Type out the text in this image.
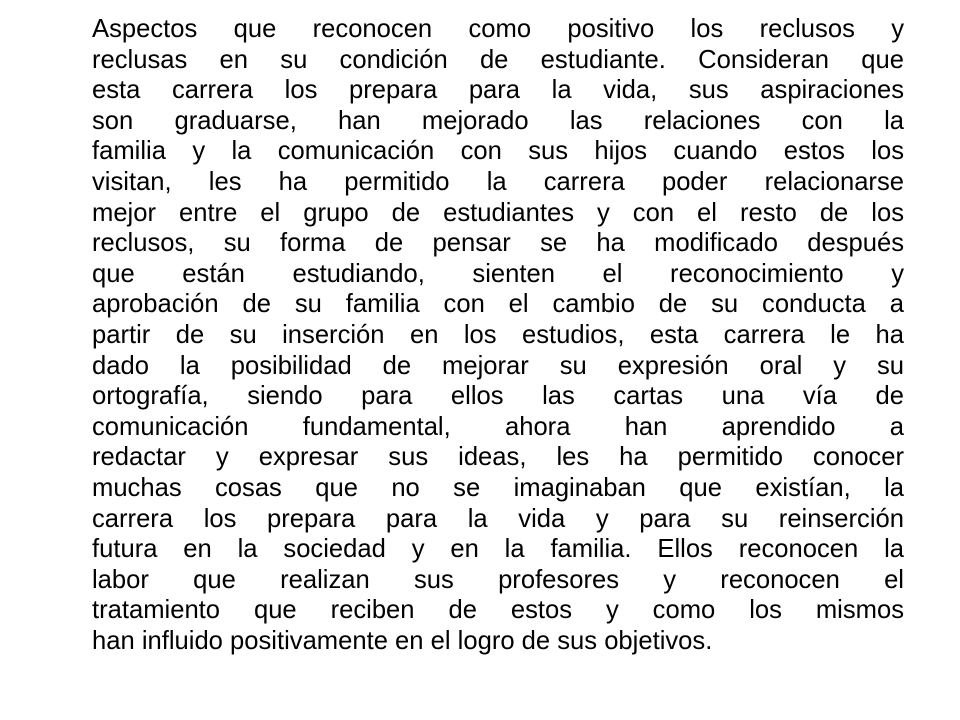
Aspectos que reconocen como positivo los reclusos y
reclusas en su condición de estudiante. Consideran que
esta carrera los prepara para la vida, sus aspiraciones
son graduarse, han mejorado las relaciones con la
familia y la comunicación con sus hijos cuando estos los
visitan, les ha permitido la carrera poder relacionarse
mejor entre el grupo de estudiantes y con el resto de los
reclusos, su forma de pensar se ha modificado después
que están estudiando, sienten el reconocimiento y
aprobación de su familia con el cambio de su conducta a
partir de su inserción en los estudios, esta carrera le ha
dado la posibilidad de mejorar su expresión oral y su
ortografía, siendo para ellos las cartas una vía de
comunicación fundamental, ahora han aprendido a
redactar y expresar sus ideas, les ha permitido conocer
muchas cosas que no se imaginaban que existían, la
carrera los prepara para la vida y para su reinserción
futura en la sociedad y en la familia. Ellos reconocen la
labor que realizan sus profesores y reconocen el
tratamiento que reciben de estos y como los mismos
han influido positivamente en el logro de sus objetivos.
